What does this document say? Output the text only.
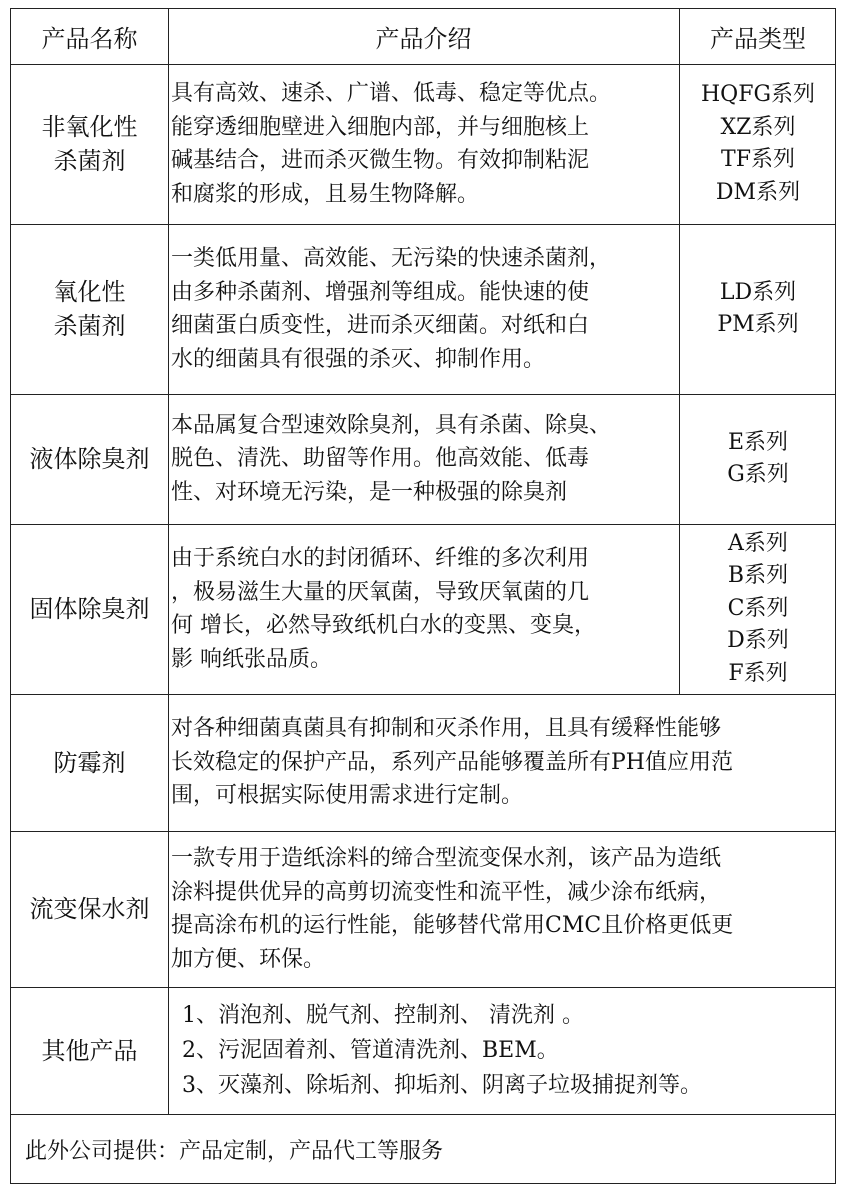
产品名称	产品介绍	产品类型
非氧化性
杀菌剂
具有高效、速杀、广谱、低毒、稳定等优点。
能穿透细胞壁进入细胞内部，并与细胞核上
碱基结合，进而杀灭微生物。有效抑制粘泥
和腐浆的形成，且易生物降解。
HQFG系列
XZ系列
TF系列
DM系列
氧化性
杀菌剂
一类低用量、高效能、无污染的快速杀菌剂，
由多种杀菌剂、增强剂等组成。能快速的使
细菌蛋白质变性，进而杀灭细菌。对纸和白
水的细菌具有很强的杀灭、抑制作用。
LD系列
PM系列
液体除臭剂
本品属复合型速效除臭剂，具有杀菌、除臭、
脱色、清洗、助留等作用。他高效能、低毒
性、对环境无污染，是一种极强的除臭剂
E系列
G系列
固体除臭剂
由于系统白水的封闭循环、纤维的多次利用
，极易滋生大量的厌氧菌，导致厌氧菌的几
何 增长，必然导致纸机白水的变黑、变臭，
影 响纸张品质。
A系列
B系列
C系列
D系列
F系列
防霉剂
对各种细菌真菌具有抑制和灭杀作用，且具有缓释性能够
长效稳定的保护产品，系列产品能够覆盖所有PH值应用范
围，可根据实际使用需求进行定制。
流变保水剂
一款专用于造纸涂料的缔合型流变保水剂，该产品为造纸
涂料提供优异的高剪切流变性和流平性，减少涂布纸病，
提高涂布机的运行性能，能够替代常用CMC且价格更低更
加方便、环保。
其他产品
1、消泡剂、脱气剂、控制剂、 清洗剂 。
2、污泥固着剂、管道清洗剂、BEM。
3、灭藻剂、除垢剂、抑垢剂、阴离子垃圾捕捉剂等。
此外公司提供：产品定制，产品代工等服务
